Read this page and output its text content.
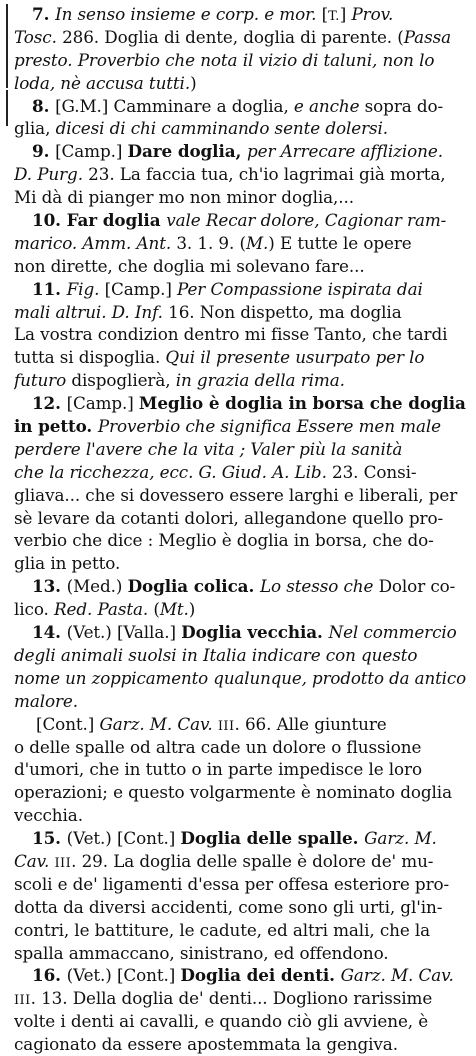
7. In senso insieme e corp. e mor. [T.] Prov.
Tosc. 286. Doglia di dente, doglia di parente. (Passa
presto. Proverbio che nota il vizio di taluni, non lo
loda, nè accusa tutti.)
8. [G.M.] Camminare a doglia, e anche sopra do-
glia, dicesi di chi camminando sente dolersi.
9. [Camp.] Dare doglia, per Arrecare afflizione.
D. Purg. 23. La faccia tua, ch'io lagrimai già morta,
Mi dà di pianger mo non minor doglia,...
10. Far doglia vale Recar dolore, Cagionar ram-
marico. Amm. Ant. 3. 1. 9. (M.) E tutte le opere
non dirette, che doglia mi solevano fare...
11. Fig. [Camp.] Per Compassione ispirata dai
mali altrui. D. Inf. 16. Non dispetto, ma doglia
La vostra condizion dentro mi fisse Tanto, che tardi
tutta si dispoglia. Qui il presente usurpato per lo
futuro dispoglierà, in grazia della rima.
12. [Camp.] Meglio è doglia in borsa che doglia
in petto. Proverbio che significa Essere men male
perdere l'avere che la vita ; Valer più la sanità
che la ricchezza, ecc. G. Giud. A. Lib. 23. Consi-
gliava... che si dovessero essere larghi e liberali, per
sè levare da cotanti dolori, allegandone quello pro-
verbio che dice : Meglio è doglia in borsa, che do-
glia in petto.
13. (Med.) Doglia colica. Lo stesso che Dolor co-
lico. Red. Pasta. (Mt.)
14. (Vet.) [Valla.] Doglia vecchia. Nel commercio
degli animali suolsi in Italia indicare con questo
nome un zoppicamento qualunque, prodotto da antico
malore.
[Cont.] Garz. M. Cav. III. 66. Alle giunture
o delle spalle od altra cade un dolore o flussione
d'umori, che in tutto o in parte impedisce le loro
operazioni; e questo volgarmente è nominato doglia
vecchia.
15. (Vet.) [Cont.] Doglia delle spalle. Garz. M.
Cav. III. 29. La doglia delle spalle è dolore de' mu-
scoli e de' ligamenti d'essa per offesa esteriore pro-
dotta da diversi accidenti, come sono gli urti, gl'in-
contri, le battiture, le cadute, ed altri mali, che la
spalla ammaccano, sinistrano, ed offendono.
16. (Vet.) [Cont.] Doglia dei denti. Garz. M. Cav.
III. 13. Della doglia de' denti... Dogliono rarissime
volte i denti ai cavalli, e quando ciò gli avviene, è
cagionato da essere apostemmata la gengiva.
